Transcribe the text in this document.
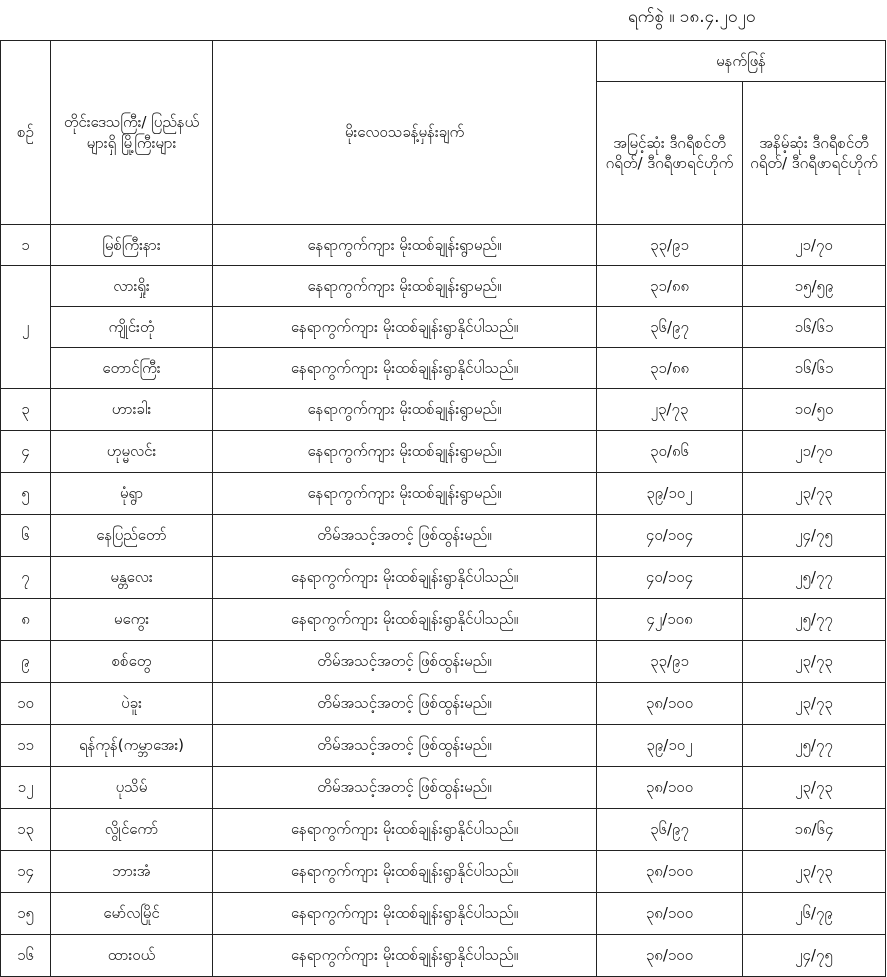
ရက်စွဲ ။ ၁၈.၄.၂၀၂၀
စဉ်	တိုင်းဒေသကြီး/ ပြည်နယ်များရှိ မြို့ကြီးများ	မိုးလေဝသခန့်မှန်းချက်	မနက်ဖြန်	
			အမြင့်ဆုံး ဒီဂရီစင်တီဂရိတ်/ ဒီဂရီဖာရင်ဟိုက်	အနိမ့်ဆုံး ဒီဂရီစင်တီဂရိတ်/ ဒီဂရီဖာရင်ဟိုက်
၁	မြစ်ကြီးနား	နေရာကွက်ကျား မိုးထစ်ချုန်းရွာမည်။	၃၃/၉၁	၂၁/၇၀
၂	လားရှိုး	နေရာကွက်ကျား မိုးထစ်ချုန်းရွာမည်။	၃၁/၈၈	၁၅/၅၉
	ကျိုင်းတုံ	နေရာကွက်ကျား မိုးထစ်ချုန်းရွာနိုင်ပါသည်။	၃၆/၉၇	၁၆/၆၁
	တောင်ကြီး	နေရာကွက်ကျား မိုးထစ်ချုန်းရွာနိုင်ပါသည်။	၃၁/၈၈	၁၆/၆၁
၃	ဟားခါး	နေရာကွက်ကျား မိုးထစ်ချုန်းရွာမည်။	၂၃/၇၃	၁၀/၅၀
၄	ဟုမ္မလင်း	နေရာကွက်ကျား မိုးထစ်ချုန်းရွာမည်။	၃၀/၈၆	၂၁/၇၀
၅	မုံရွာ	နေရာကွက်ကျား မိုးထစ်ချုန်းရွာမည်။	၃၉/၁၀၂	၂၃/၇၃
၆	နေပြည်တော်	တိမ်အသင့်အတင့် ဖြစ်ထွန်းမည်။	၄၀/၁၀၄	၂၄/၇၅
၇	မန္တလေး	နေရာကွက်ကျား မိုးထစ်ချုန်းရွာနိုင်ပါသည်။	၄၀/၁၀၄	၂၅/၇၇
၈	မကွေး	နေရာကွက်ကျား မိုးထစ်ချုန်းရွာနိုင်ပါသည်။	၄၂/၁၀၈	၂၅/၇၇
၉	စစ်တွေ	တိမ်အသင့်အတင့် ဖြစ်ထွန်းမည်။	၃၃/၉၁	၂၃/၇၃
၁၀	ပဲခူး	တိမ်အသင့်အတင့် ဖြစ်ထွန်းမည်။	၃၈/၁၀၀	၂၃/၇၃
၁၁	ရန်ကုန်(ကမ္ဘာအေး)	တိမ်အသင့်အတင့် ဖြစ်ထွန်းမည်။	၃၉/၁၀၂	၂၅/၇၇
၁၂	ပုသိမ်	တိမ်အသင့်အတင့် ဖြစ်ထွန်းမည်။	၃၈/၁၀၀	၂၃/၇၃
၁၃	လွိုင်ကော်	နေရာကွက်ကျား မိုးထစ်ချုန်းရွာနိုင်ပါသည်။	၃၆/၉၇	၁၈/၆၄
၁၄	ဘားအံ	နေရာကွက်ကျား မိုးထစ်ချုန်းရွာနိုင်ပါသည်။	၃၈/၁၀၀	၂၃/၇၃
၁၅	မော်လမြိုင်	နေရာကွက်ကျား မိုးထစ်ချုန်းရွာနိုင်ပါသည်။	၃၈/၁၀၀	၂၆/၇၉
၁၆	ထားဝယ်	နေရာကွက်ကျား မိုးထစ်ချုန်းရွာနိုင်ပါသည်။	၃၈/၁၀၀	၂၄/၇၅
